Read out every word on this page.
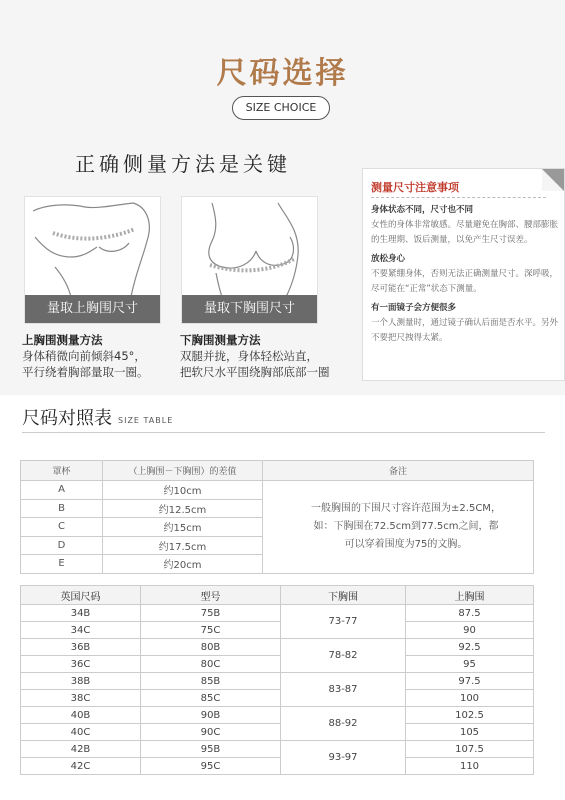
尺码选择
SIZE CHOICE
正确侧量方法是关键
量取上胸围尺寸	量取下胸围尺寸
上胸围测量方法
身体稍微向前倾斜45°，
平行绕着胸部量取一圈。
下胸围测量方法
双腿并拢，身体轻松站直，
把软尺水平围绕胸部底部一圈
测量尺寸注意事项

身体状态不同，尺寸也不同
女性的身体非常敏感。尽量避免在胸部、腰部膨胀的生理期、饭后测量，以免产生尺寸误差。

放松身心
不要紧绷身体，否则无法正确测量尺寸。深呼吸，尽可能在“正常”状态下测量。

有一面镜子会方便很多
一个人测量时，通过镜子确认后面是否水平。另外不要把尺拽得太紧。

尺码对照表 SIZE TABLE
罩杯	（上胸围－下胸围）的差值	备注
A	约10cm	一般胸围的下围尺寸容许范围为±2.5CM，
如：下胸围在72.5cm到77.5cm之间，都
可以穿着围度为75的文胸。

B	约12.5cm	
C	约15cm	
D	约17.5cm	
E	约20cm	
英国尺码	型号	下胸围	上胸围
34B	75B	73-77	87.5
34C	75C		90
36B	80B	78-82	92.5
36C	80C		95
38B	85B	83-87	97.5
38C	85C		100
40B	90B	88-92	102.5
40C	90C		105
42B	95B	93-97	107.5
42C	95C		110
